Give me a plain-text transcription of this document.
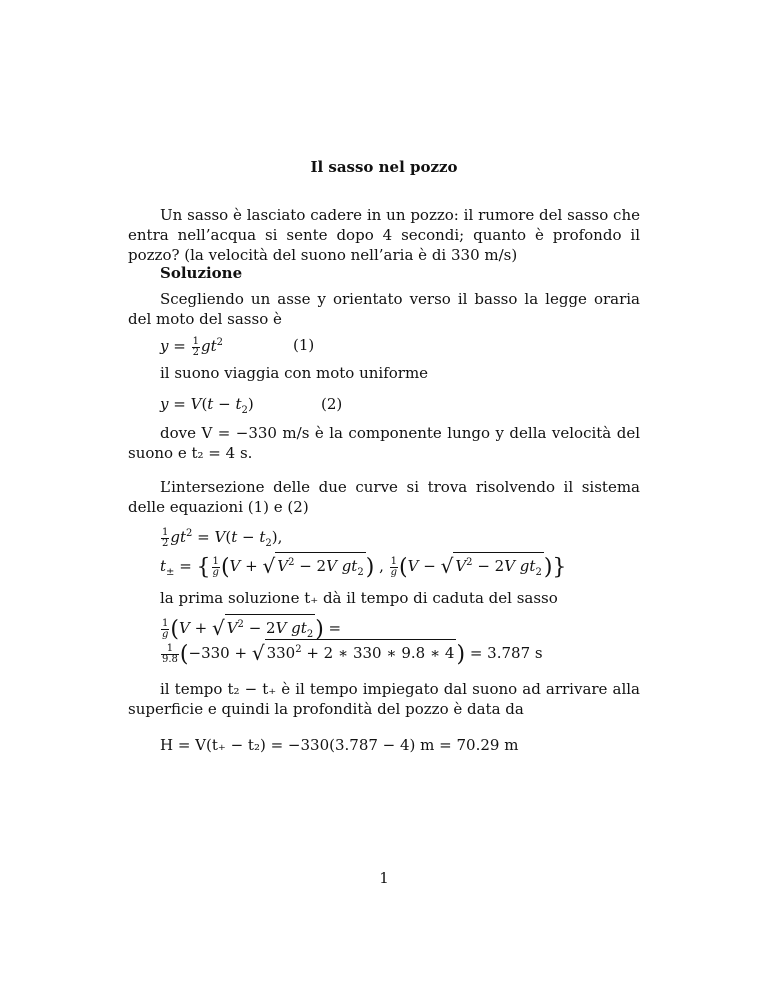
Il sasso nel pozzo
Un sasso è lasciato cadere in un pozzo: il rumore del sasso che entra nell’acqua si sente dopo 4 secondi; quanto è profondo il pozzo? (la velocità del suono nell’aria è di 330 m/s)
Soluzione
Scegliendo un asse y orientato verso il basso la legge oraria del moto del sasso è
$y = \frac{1}{2} gt^2$	(1)
il suono viaggia con moto uniforme
$y = V(t - t_2)$	(2)
dove V = −330 m/s è la componente lungo y della velocità del suono e t₂ = 4 s.
L’intersezione delle due curve si trova risolvendo il sistema delle equazioni (1) e (2)
$\frac{1}{2} gt^2 = V(t - t_2)$,
$t_\pm$ = { $\frac{1}{g} (V$ + √ $V^2 - 2V$ $gt_2$) , $\frac{1}{g} (V$ − √ $V^2 - 2V$ $gt_2$)}
la prima soluzione t₊ dà il tempo di caduta del sasso
$\frac{1}{g} (V$ + √ $V^2 - 2V$ $gt_2$) =
$\frac{1}{9.8} (-330$ + √ $330^2 + 2$ ∗ 330 ∗ 9.8 ∗ 4) = 3.787 s
il tempo t₂ − t₊ è il tempo impiegato dal suono ad arrivare alla superficie e quindi la profondità del pozzo è data da
H = V(t₊ − t₂) = −330(3.787 − 4) m = 70.29 m
1
